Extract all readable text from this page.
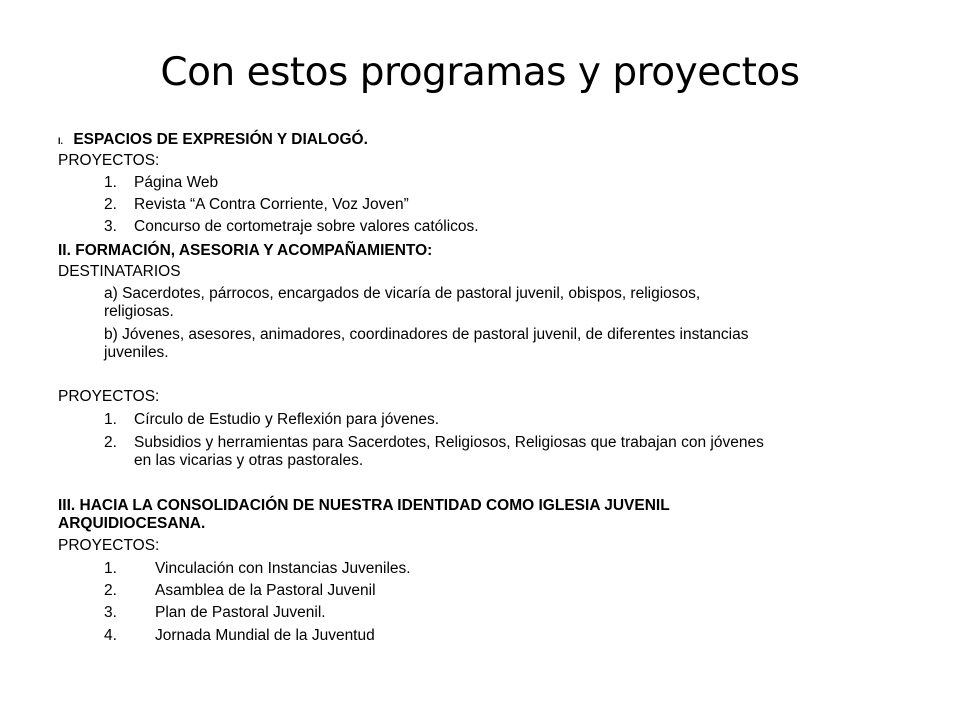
Con estos programas y proyectos
I. ESPACIOS DE EXPRESIÓN Y DIALOGÓ.
PROYECTOS:
1. Página Web
2. Revista “A Contra Corriente, Voz Joven”
3. Concurso de cortometraje sobre valores católicos.
II. FORMACIÓN, ASESORIA Y ACOMPAÑAMIENTO:
DESTINATARIOS
a) Sacerdotes, párrocos, encargados de vicaría de pastoral juvenil, obispos, religiosos,
religiosas.
b) Jóvenes, asesores, animadores, coordinadores de pastoral juvenil, de diferentes instancias
juveniles.
PROYECTOS:
1. Círculo de Estudio y Reflexión para jóvenes.
2. Subsidios y herramientas para Sacerdotes, Religiosos, Religiosas que trabajan con jóvenes
en las vicarias y otras pastorales.
III. HACIA LA CONSOLIDACIÓN DE NUESTRA IDENTIDAD COMO IGLESIA JUVENIL
ARQUIDIOCESANA.
PROYECTOS:
1. Vinculación con Instancias Juveniles.
2. Asamblea de la Pastoral Juvenil
3. Plan de Pastoral Juvenil.
4. Jornada Mundial de la Juventud
